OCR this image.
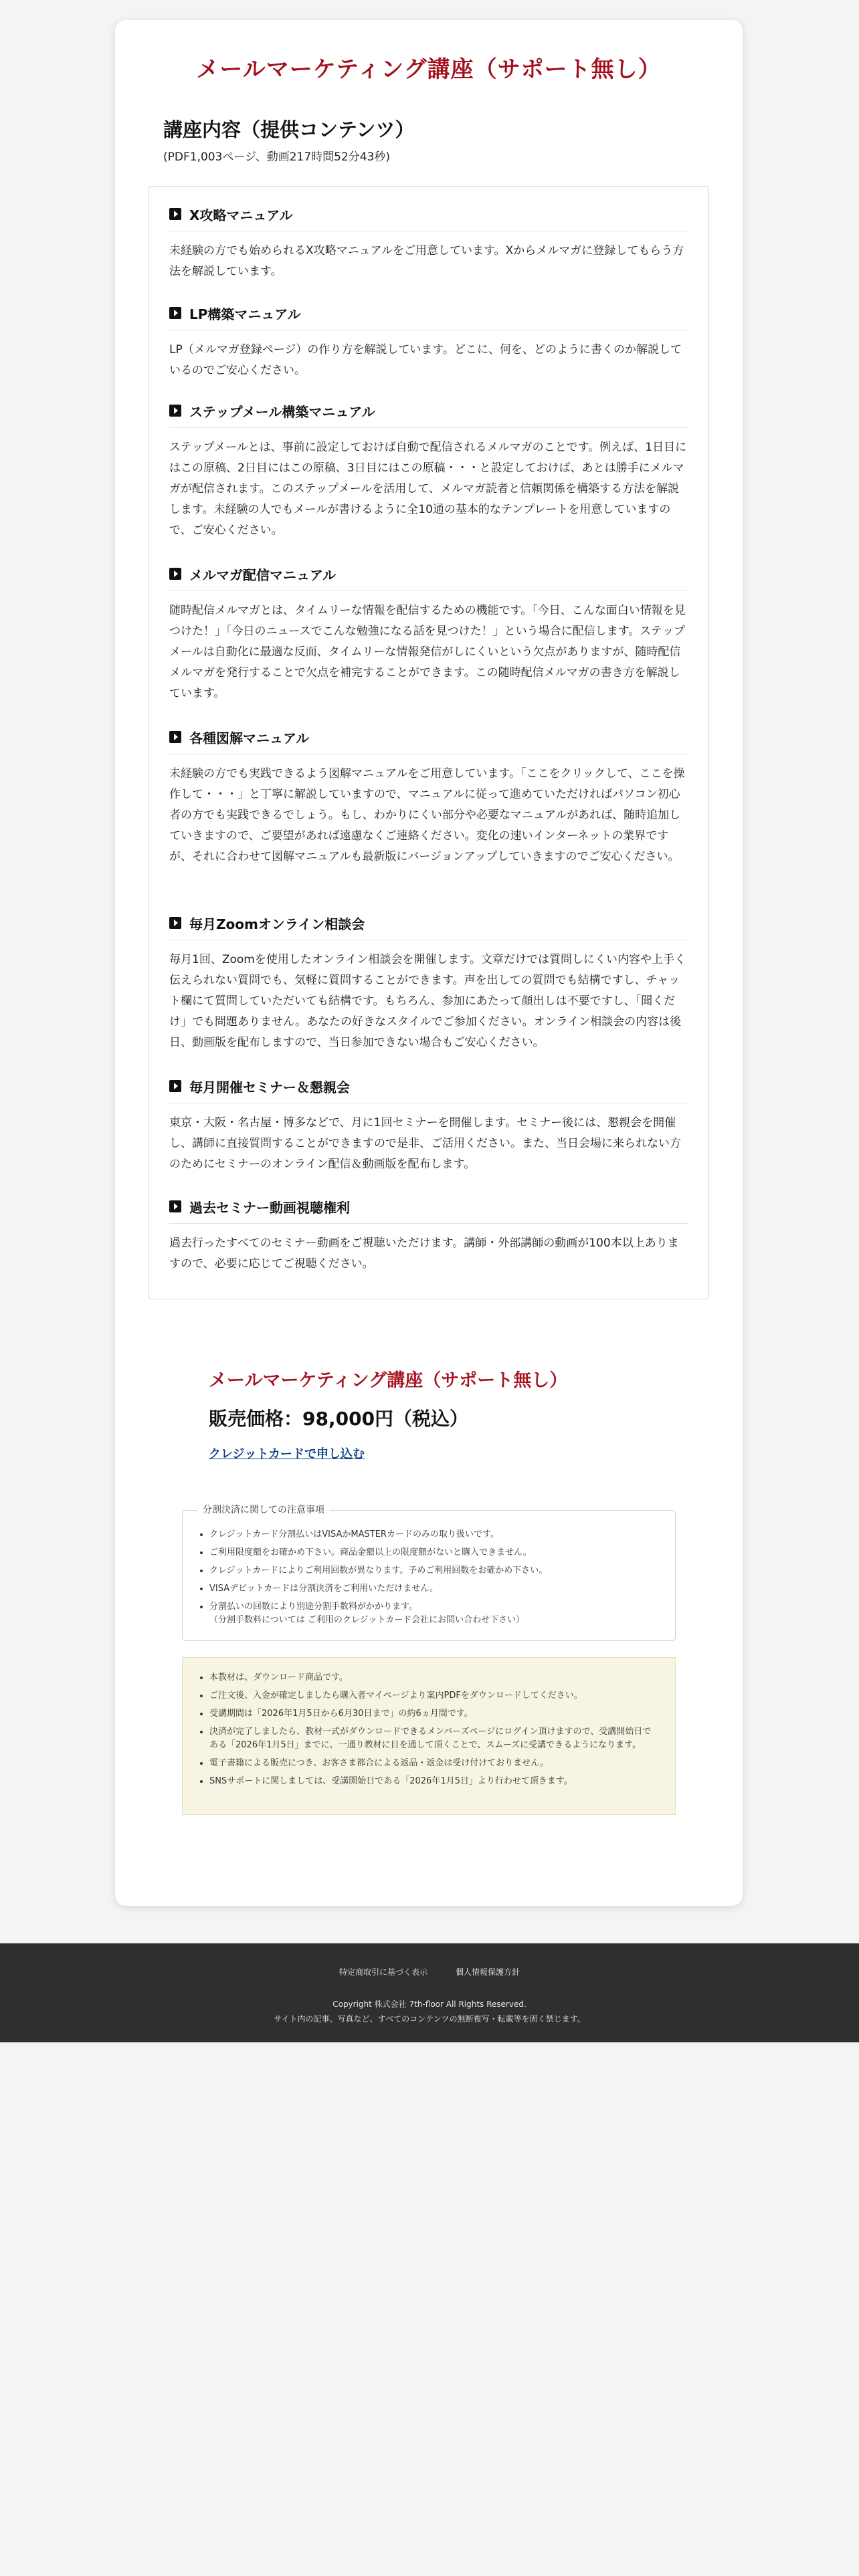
メールマーケティング講座（サポート無し）
講座内容（提供コンテンツ）
(PDF1,003ページ、動画217時間52分43秒)
X攻略マニュアル
未経験の方でも始められるX攻略マニュアルをご用意しています。Xからメルマガに登録してもらう方法を解説しています。
LP構築マニュアル
LP（メルマガ登録ページ）の作り方を解説しています。どこに、何を、どのように書くのか解説しているのでご安心ください。
ステップメール構築マニュアル
ステップメールとは、事前に設定しておけば自動で配信されるメルマガのことです。例えば、1日目にはこの原稿、2日目にはこの原稿、3日目にはこの原稿・・・と設定しておけば、あとは勝手にメルマガが配信されます。このステップメールを活用して、メルマガ読者と信頼関係を構築する方法を解説します。未経験の人でもメールが書けるように全10通の基本的なテンプレートを用意していますので、ご安心ください。
メルマガ配信マニュアル
随時配信メルマガとは、タイムリーな情報を配信するための機能です。「今日、こんな面白い情報を見つけた！」「今日のニュースでこんな勉強になる話を見つけた！」という場合に配信します。ステップメールは自動化に最適な反面、タイムリーな情報発信がしにくいという欠点がありますが、随時配信メルマガを発行することで欠点を補完することができます。この随時配信メルマガの書き方を解説しています。
各種図解マニュアル
未経験の方でも実践できるよう図解マニュアルをご用意しています。「ここをクリックして、ここを操作して・・・」と丁寧に解説していますので、マニュアルに従って進めていただければパソコン初心者の方でも実践できるでしょう。もし、わかりにくい部分や必要なマニュアルがあれば、随時追加していきますので、ご要望があれば遠慮なくご連絡ください。変化の速いインターネットの業界ですが、それに合わせて図解マニュアルも最新版にバージョンアップしていきますのでご安心ください。
毎月Zoomオンライン相談会
毎月1回、Zoomを使用したオンライン相談会を開催します。文章だけでは質問しにくい内容や上手く伝えられない質問でも、気軽に質問することができます。声を出しての質問でも結構ですし、チャット欄にて質問していただいても結構です。もちろん、参加にあたって顔出しは不要ですし、「聞くだけ」でも問題ありません。あなたの好きなスタイルでご参加ください。オンライン相談会の内容は後日、動画版を配布しますので、当日参加できない場合もご安心ください。
毎月開催セミナー＆懇親会
東京・大阪・名古屋・博多などで、月に1回セミナーを開催します。セミナー後には、懇親会を開催し、講師に直接質問することができますので是非、ご活用ください。また、当日会場に来られない方のためにセミナーのオンライン配信＆動画版を配布します。
過去セミナー動画視聴権利
過去行ったすべてのセミナー動画をご視聴いただけます。講師・外部講師の動画が100本以上ありますので、必要に応じてご視聴ください。
メールマーケティング講座（サポート無し）
販売価格：98,000円（税込）
クレジットカードで申し込む
分割決済に関しての注意事項
• クレジットカード分割払いはVISAかMASTERカードのみの取り扱いです。
• ご利用限度額をお確かめ下さい。商品金額以上の限度額がないと購入できません。
• クレジットカードによりご利用回数が異なります。予めご利用回数をお確かめ下さい。
• VISAデビットカードは分割決済をご利用いただけません。
• 分割払いの回数により別途分割手数料がかかります。
（分割手数料については ご利用のクレジットカード会社にお問い合わせ下さい）
• 本教材は、ダウンロード商品です。
• ご注文後、入金が確定しましたら購入者マイページより案内PDFをダウンロードしてください。
• 受講期間は「2026年1月5日から6月30日まで」の約6ヵ月間です。
• 決済が完了しましたら、教材一式がダウンロードできるメンバーズページにログイン頂けますので、受講開始日である「2026年1月5日」までに、一通り教材に目を通して頂くことで、スムーズに受講できるようになります。
• 電子書籍による販売につき、お客さま都合による返品・返金は受け付けておりません。
• SNSサポートに関しましては、受講開始日である「2026年1月5日」より行わせて頂きます。
特定商取引に基づく表示	個人情報保護方針
Copyright 株式会社 7th-floor All Rights Reserved.
サイト内の記事、写真など、すべてのコンテンツの無断複写・転載等を固く禁じます。
